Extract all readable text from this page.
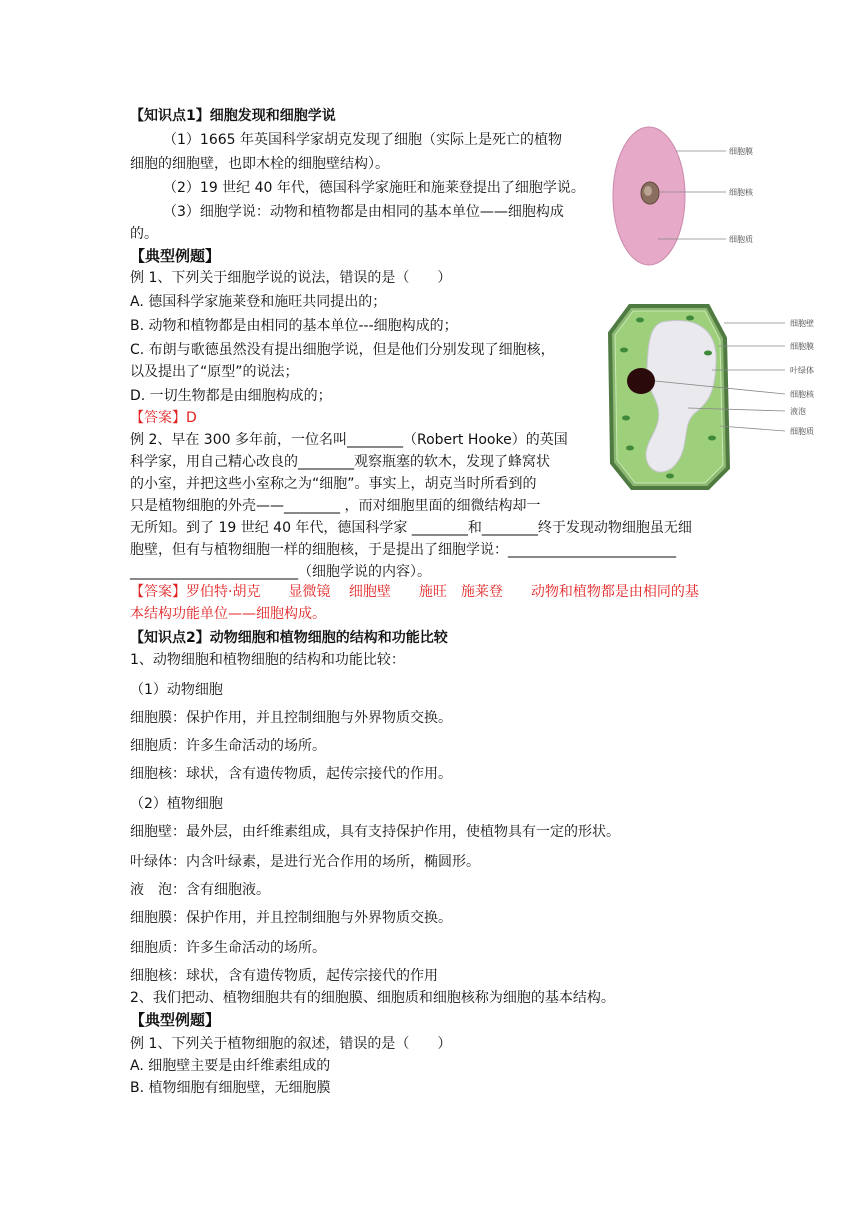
【知识点1】细胞发现和细胞学说
（1）1665 年英国科学家胡克发现了细胞（实际上是死亡的植物
细胞的细胞壁，也即木栓的细胞壁结构）。
（2）19 世纪 40 年代，德国科学家施旺和施莱登提出了细胞学说。
（3）细胞学说：动物和植物都是由相同的基本单位——细胞构成
的。
【典型例题】
例 1、下列关于细胞学说的说法，错误的是（　　）
A. 德国科学家施莱登和施旺共同提出的；
B. 动物和植物都是由相同的基本单位---细胞构成的；
C. 布朗与歌德虽然没有提出细胞学说，但是他们分别发现了细胞核，
以及提出了“原型”的说法；
D. 一切生物都是由细胞构成的；
【答案】D
例 2、早在 300 多年前，一位名叫________（Robert Hooke）的英国
科学家，用自己精心改良的________观察瓶塞的软木，发现了蜂窝状
的小室，并把这些小室称之为“细胞”。事实上，胡克当时所看到的
只是植物细胞的外壳——________ ，而对细胞里面的细微结构却一
无所知。到了 19 世纪 40 年代，德国科学家 ________和________终于发现动物细胞虽无细
胞壁，但有与植物细胞一样的细胞核，于是提出了细胞学说：________________________
________________________（细胞学说的内容）。
【答案】罗伯特·胡克　　显微镜　 细胞壁　　施旺　施莱登　　动物和植物都是由相同的基
本结构功能单位——细胞构成。
【知识点2】动物细胞和植物细胞的结构和功能比较
1、动物细胞和植物细胞的结构和功能比较：
（1）动物细胞
细胞膜：保护作用，并且控制细胞与外界物质交换。
细胞质：许多生命活动的场所。
细胞核：球状，含有遗传物质，起传宗接代的作用。
（2）植物细胞
细胞壁：最外层，由纤维素组成，具有支持保护作用，使植物具有一定的形状。
叶绿体：内含叶绿素，是进行光合作用的场所，椭圆形。
液　泡：含有细胞液。
细胞膜：保护作用，并且控制细胞与外界物质交换。
细胞质：许多生命活动的场所。
细胞核：球状，含有遗传物质，起传宗接代的作用
2、我们把动、植物细胞共有的细胞膜、细胞质和细胞核称为细胞的基本结构。
【典型例题】
例 1、下列关于植物细胞的叙述，错误的是（　　）
A. 细胞壁主要是由纤维素组成的
B. 植物细胞有细胞壁，无细胞膜
细胞膜
细胞核
细胞质
细胞壁
细胞膜
叶绿体
细胞核
液泡
细胞质
